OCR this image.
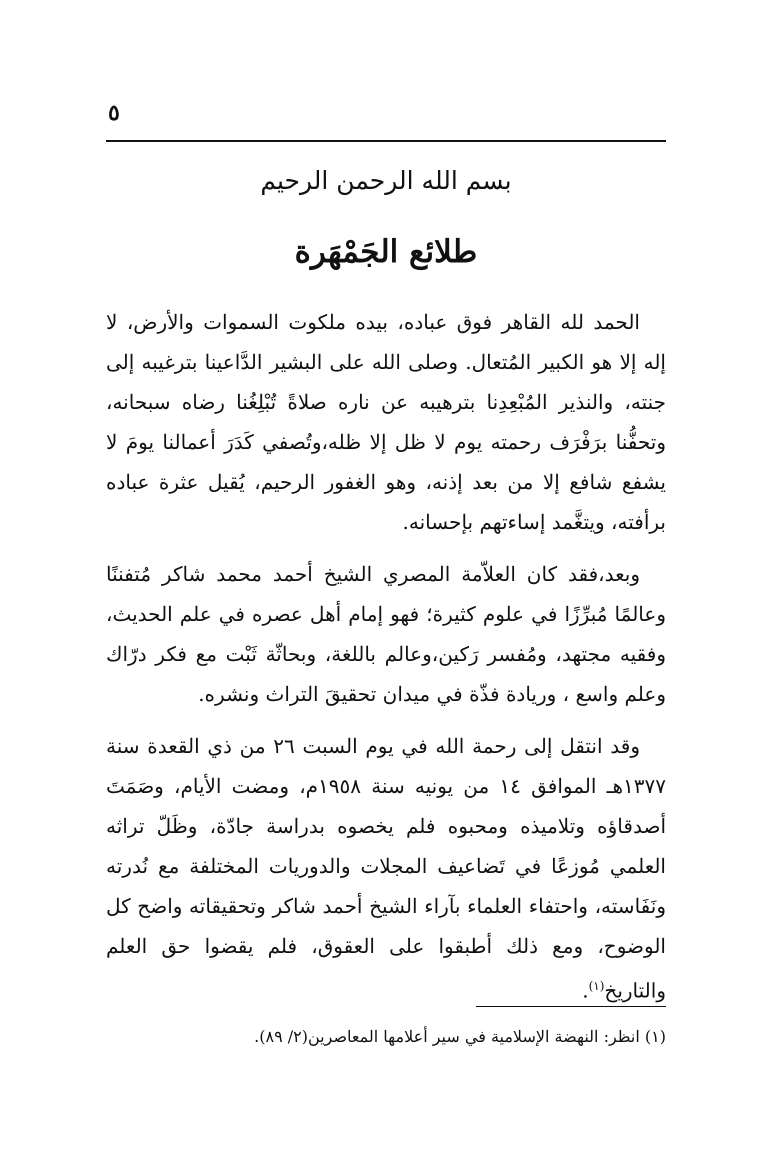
٥
بسم الله الرحمن الرحيم
طلائع الجَمْهَرة

الحمد لله القاهر فوق عباده، بيده ملكوت السموات والأرض، لا إله إلا هو الكبير المُتعال. وصلى الله على البشير الدَّاعينا بترغيبه إلى جنته، والنذير المُبْعِدِنا بترهيبه عن ناره صلاةً تُبْلِغُنا رضاه سبحانه، وتحفُّنا برَفْرَف رحمته يوم لا ظل إلا ظله،وتُصفي كَدَرَ أعمالنا يومَ لا يشفع شافع إلا من بعد إذنه، وهو الغفور الرحيم، يُقيل عثرة عباده برأفته، ويتغَّمد إساءتهم بإحسانه.

وبعد،فقد كان العلاّمة المصري الشيخ أحمد محمد شاكر مُتفننًا وعالمًا مُبرِّزًا في علوم كثيرة؛ فهو إمام أهل عصره في علم الحديث، وفقيه مجتهد، ومُفسر رَكين،وعالم باللغة، وبحاثّة ثَبْت مع فكر درّاك وعلم واسع ، وريادة فذّة في ميدان تحقيقَ التراث ونشره.

وقد انتقل إلى رحمة الله في يوم السبت ٢٦ من ذي القعدة سنة ١٣٧٧هـ الموافق ١٤ من يونيه سنة ١٩٥٨م، ومضت الأيام، وصَمَتَ أصدقاؤه وتلاميذه ومحبوه فلم يخصوه بدراسة جادّة، وظَلّ تراثه العلمي مُوزعًا في تَضاعيف المجلات والدوريات المختلفة مع نُدرته ونَفَاسته، واحتفاء العلماء بآراء الشيخ أحمد شاكر وتحقيقاته واضح كل الوضوح، ومع ذلك أطبقوا على العقوق، فلم يقضوا حق العلم والتاريخ$^{(١)}$.

(١) انظر: النهضة الإسلامية في سير أعلامها المعاصرين(٢/ ٨٩).
